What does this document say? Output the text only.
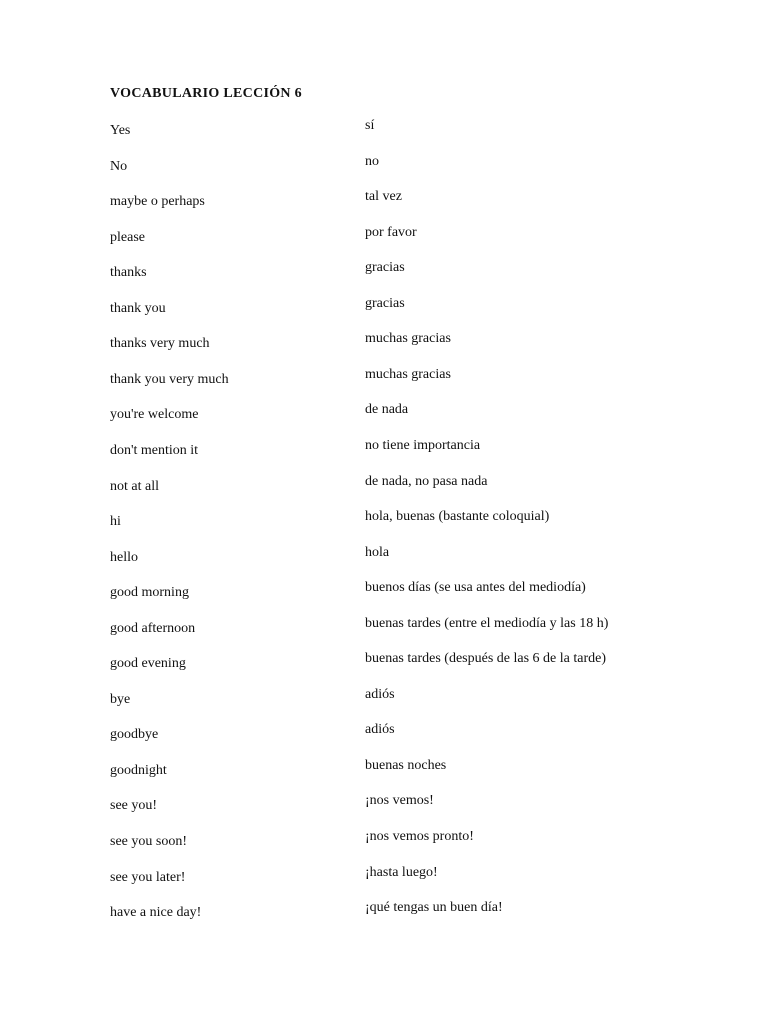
VOCABULARIO LECCIÓN 6
Yes	sí
No	no
maybe o perhaps	tal vez
please	por favor
thanks	gracias
thank you	gracias
thanks very much	muchas gracias
thank you very much	muchas gracias
you're welcome	de nada
don't mention it	no tiene importancia
not at all	de nada, no pasa nada
hi	hola, buenas (bastante coloquial)
hello	hola
good morning	buenos días (se usa antes del mediodía)
good afternoon	buenas tardes (entre el mediodía y las 18 h)
good evening	buenas tardes (después de las 6 de la tarde)
bye	adiós
goodbye	adiós
goodnight	buenas noches
see you!	¡nos vemos!
see you soon!	¡nos vemos pronto!
see you later!	¡hasta luego!
have a nice day!	¡qué tengas un buen día!
